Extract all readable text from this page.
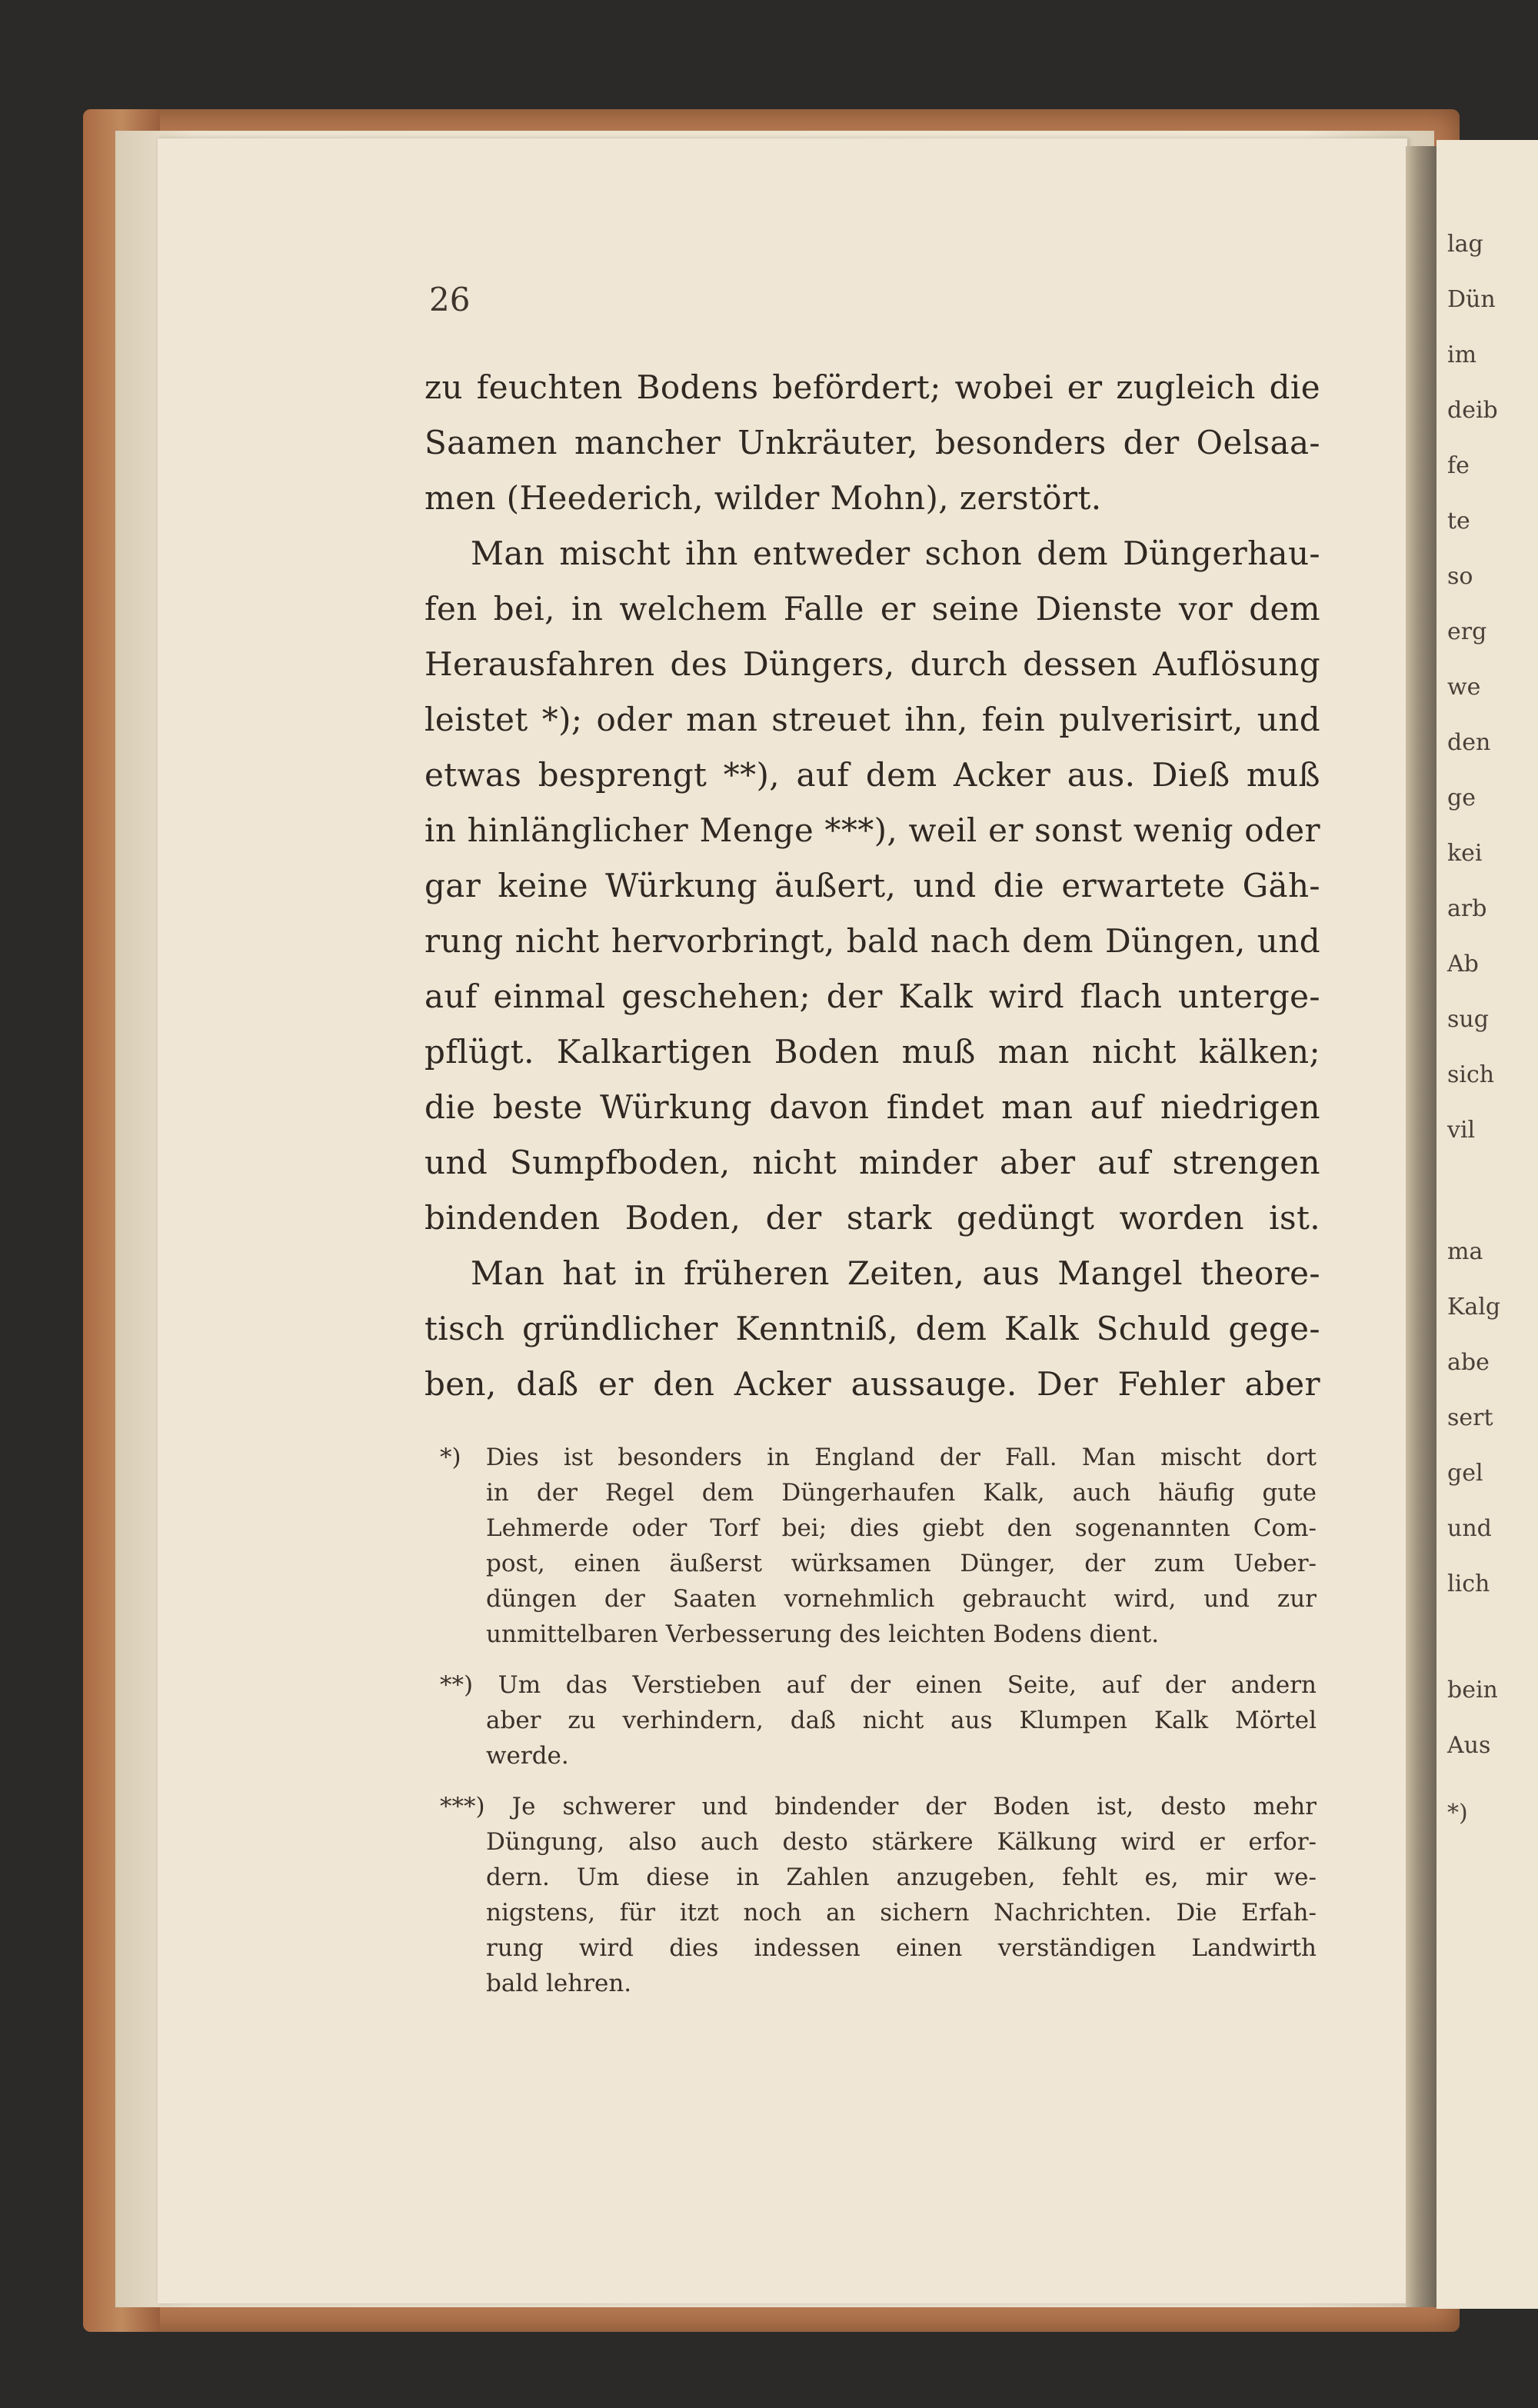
lag
Dün
im
deib
fe
te
so
erg
we
den
ge
kei
arb
Ab
sug
sich
vil
ma
Kalg
abe
sert
gel
und
lich
bein
Aus
*)
26
zu feuchten Bodens befördert; wobei er zugleich die
Saamen mancher Unkräuter, besonders der Oelsaa-
men (Heederich, wilder Mohn), zerstört.
Man mischt ihn entweder schon dem Düngerhau-
fen bei, in welchem Falle er seine Dienste vor dem
Herausfahren des Düngers, durch dessen Auflösung
leistet *); oder man streuet ihn, fein pulverisirt, und
etwas besprengt **), auf dem Acker aus. Dieß muß
in hinlänglicher Menge ***), weil er sonst wenig oder
gar keine Würkung äußert, und die erwartete Gäh-
rung nicht hervorbringt, bald nach dem Düngen, und
auf einmal geschehen; der Kalk wird flach unterge-
pflügt. Kalkartigen Boden muß man nicht kälken;
die beste Würkung davon findet man auf niedrigen
und Sumpfboden, nicht minder aber auf strengen
bindenden Boden, der stark gedüngt worden ist.
Man hat in früheren Zeiten, aus Mangel theore-
tisch gründlicher Kenntniß, dem Kalk Schuld gege-
ben, daß er den Acker aussauge. Der Fehler aber
*) Dies ist besonders in England der Fall. Man mischt dort
in der Regel dem Düngerhaufen Kalk, auch häufig gute
Lehmerde oder Torf bei; dies giebt den sogenannten Com-
post, einen äußerst würksamen Dünger, der zum Ueber-
düngen der Saaten vornehmlich gebraucht wird, und zur
unmittelbaren Verbesserung des leichten Bodens dient.
**) Um das Verstieben auf der einen Seite, auf der andern
aber zu verhindern, daß nicht aus Klumpen Kalk Mörtel
werde.
***) Je schwerer und bindender der Boden ist, desto mehr
Düngung, also auch desto stärkere Kälkung wird er erfor-
dern. Um diese in Zahlen anzugeben, fehlt es, mir we-
nigstens, für itzt noch an sichern Nachrichten. Die Erfah-
rung wird dies indessen einen verständigen Landwirth
bald lehren.
